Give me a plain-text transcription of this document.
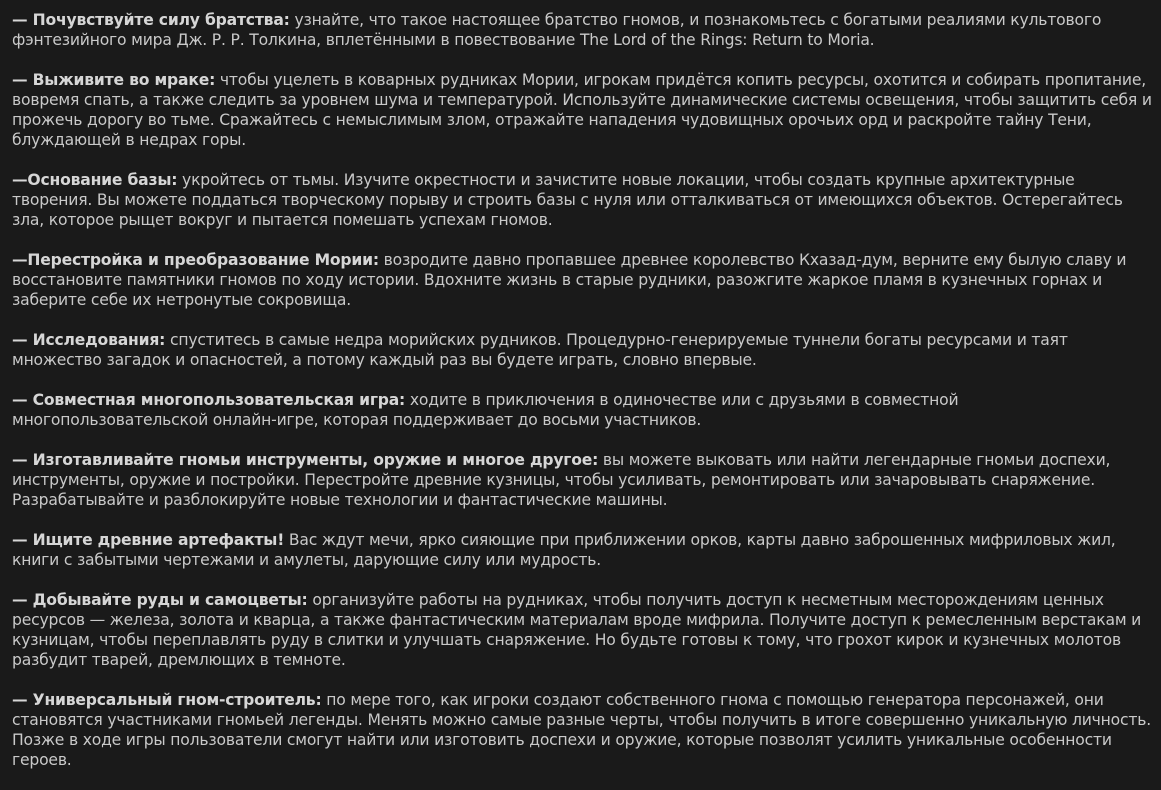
— Почувствуйте силу братства: узнайте, что такое настоящее братство гномов, и познакомьтесь с богатыми реалиями культового фэнтезийного мира Дж. Р. Р. Толкина, вплетёнными в повествование The Lord of the Rings: Return to Moria.

— Выживите во мраке: чтобы уцелеть в коварных рудниках Мории, игрокам придётся копить ресурсы, охотится и собирать пропитание, вовремя спать, а также следить за уровнем шума и температурой. Используйте динамические системы освещения, чтобы защитить себя и прожечь дорогу во тьме. Сражайтесь с немыслимым злом, отражайте нападения чудовищных орочьих орд и раскройте тайну Тени, блуждающей в недрах горы.

—Основание базы: укройтесь от тьмы. Изучите окрестности и зачистите новые локации, чтобы создать крупные архитектурные творения. Вы можете поддаться творческому порыву и строить базы с нуля или отталкиваться от имеющихся объектов. Остерегайтесь зла, которое рыщет вокруг и пытается помешать успехам гномов.

—Перестройка и преобразование Мории: возродите давно пропавшее древнее королевство Кхазад-дум, верните ему былую славу и восстановите памятники гномов по ходу истории. Вдохните жизнь в старые рудники, разожгите жаркое пламя в кузнечных горнах и заберите себе их нетронутые сокровища.

— Исследования: спуститесь в самые недра морийских рудников. Процедурно-генерируемые туннели богаты ресурсами и таят множество загадок и опасностей, а потому каждый раз вы будете играть, словно впервые.

— Совместная многопользовательская игра: ходите в приключения в одиночестве или с друзьями в совместной многопользовательской онлайн-игре, которая поддерживает до восьми участников.

— Изготавливайте гномьи инструменты, оружие и многое другое: вы можете выковать или найти легендарные гномьи доспехи, инструменты, оружие и постройки. Перестройте древние кузницы, чтобы усиливать, ремонтировать или зачаровывать снаряжение. Разрабатывайте и разблокируйте новые технологии и фантастические машины.

— Ищите древние артефакты! Вас ждут мечи, ярко сияющие при приближении орков, карты давно заброшенных мифриловых жил, книги с забытыми чертежами и амулеты, дарующие силу или мудрость.

— Добывайте руды и самоцветы: организуйте работы на рудниках, чтобы получить доступ к несметным месторождениям ценных ресурсов — железа, золота и кварца, а также фантастическим материалам вроде мифрила. Получите доступ к ремесленным верстакам и кузницам, чтобы переплавлять руду в слитки и улучшать снаряжение. Но будьте готовы к тому, что грохот кирок и кузнечных молотов разбудит тварей, дремлющих в темноте.

— Универсальный гном-строитель: по мере того, как игроки создают собственного гнома с помощью генератора персонажей, они становятся участниками гномьей легенды. Менять можно самые разные черты, чтобы получить в итоге совершенно уникальную личность. Позже в ходе игры пользователи смогут найти или изготовить доспехи и оружие, которые позволят усилить уникальные особенности героев.
